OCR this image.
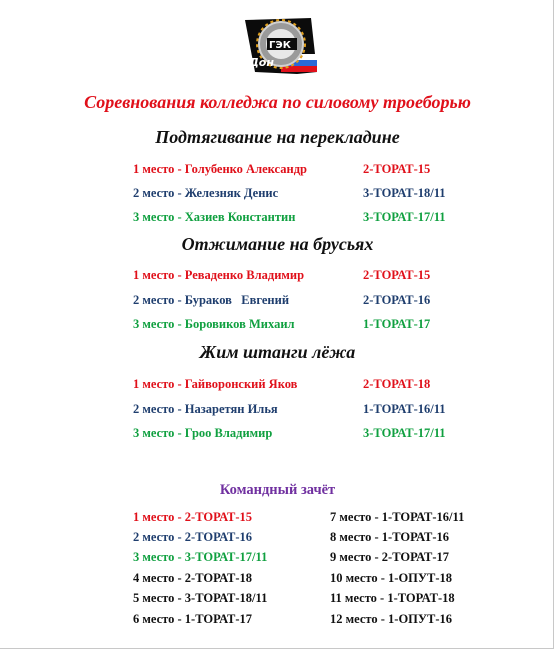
ГЭК
Дон
Соревнования колледжа по силовому троеборью
Подтягивание на перекладине
1 место - Голубенко Александр	2-ТОРАТ-15
2 место - Железняк Денис	3-ТОРАТ-18/11
3 место - Хазиев Константин	3-ТОРАТ-17/11
Отжимание на брусьях
1 место - Реваденко Владимир	2-ТОРАТ-15
2 место - Бураков   Евгений	2-ТОРАТ-16
3 место - Боровиков Михаил	1-ТОРАТ-17
Жим штанги лёжа
1 место - Гайворонский Яков	2-ТОРАТ-18
2 место - Назаретян Илья	1-ТОРАТ-16/11
3 место - Гроо Владимир	3-ТОРАТ-17/11
Командный зачёт
1 место - 2-ТОРАТ-15
2 место - 2-ТОРАТ-16
3 место - 3-ТОРАТ-17/11
4 место - 2-ТОРАТ-18
5 место - 3-ТОРАТ-18/11
6 место - 1-ТОРАТ-17
7 место - 1-ТОРАТ-16/11
8 место - 1-ТОРАТ-16
9 место - 2-ТОРАТ-17
10 место - 1-ОПУТ-18
11 место - 1-ТОРАТ-18
12 место - 1-ОПУТ-16
